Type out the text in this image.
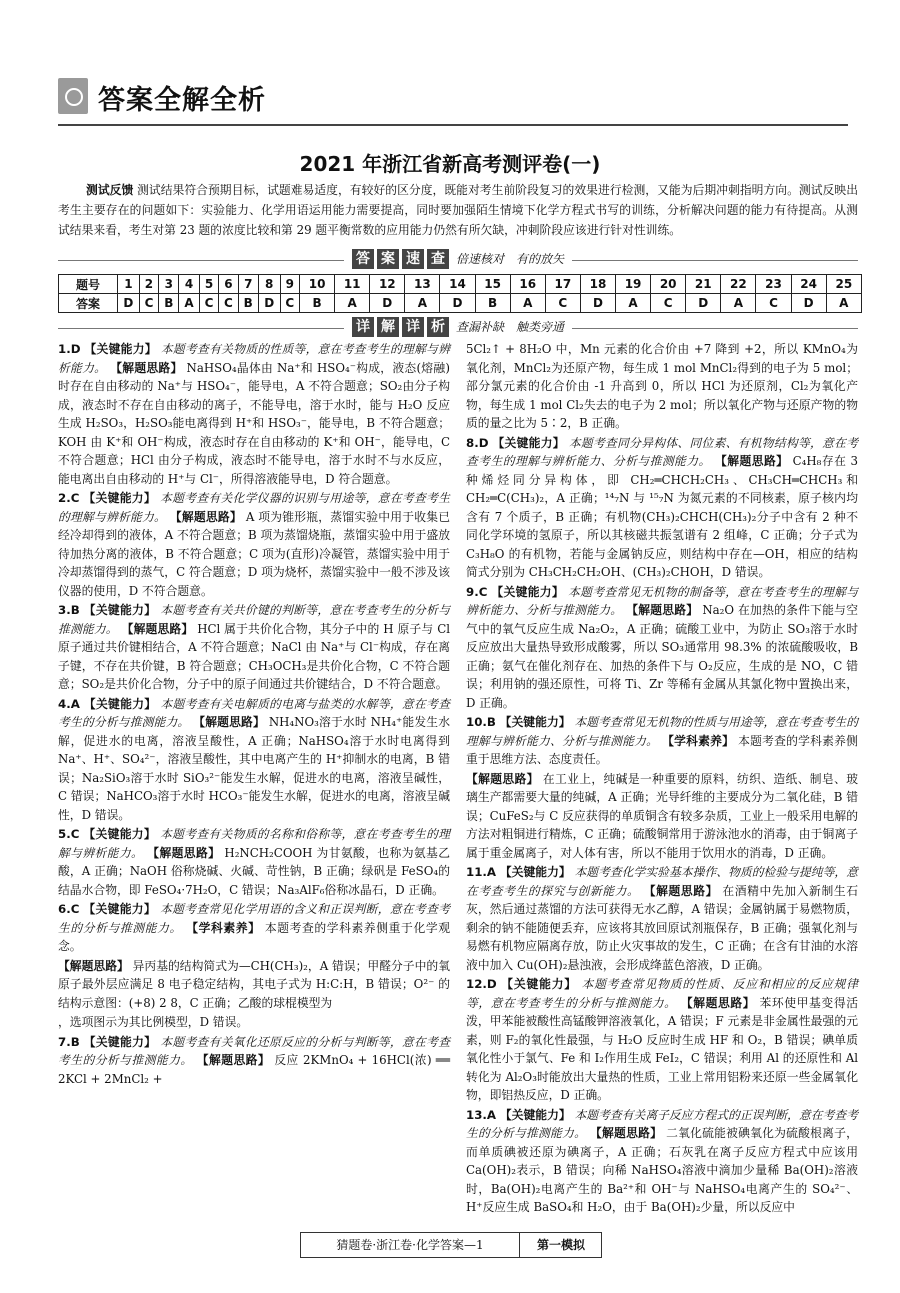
答案全解全析
2021 年浙江省新高考测评卷(一)
测试反馈 测试结果符合预期目标，试题难易适度，有较好的区分度，既能对考生前阶段复习的效果进行检测，又能为后期冲刺指明方向。测试反映出考生主要存在的问题如下：实验能力、化学用语运用能力需要提高，同时要加强陌生情境下化学方程式书写的训练，分析解决问题的能力有待提高。从测试结果来看，考生对第 23 题的浓度比较和第 29 题平衡常数的应用能力仍然有所欠缺，冲刺阶段应该进行针对性训练。
答 案 速 查 倍速核对　有的放矢
题号	1	2	3	4	5	6	7	8	9	10	11	12	13	14	15	16	17	18	19	20	21	22	23	24	25
答案	D	C	B	A	C	C	B	D	C	B	A	D	A	D	B	A	C	D	A	C	D	A	C	D	A
详 解 详 析 查漏补缺　触类旁通

1.D 【关键能力】 本题考查有关物质的性质等，意在考查考生的理解与辨析能力。 【解题思路】 NaHSO₄晶体由 Na⁺和 HSO₄⁻构成，液态(熔融)时存在自由移动的 Na⁺与 HSO₄⁻，能导电，A 不符合题意；SO₂由分子构成，液态时不存在自由移动的离子，不能导电，溶于水时，能与 H₂O 反应生成 H₂SO₃，H₂SO₃能电离得到 H⁺和 HSO₃⁻，能导电，B 不符合题意；KOH 由 K⁺和 OH⁻构成，液态时存在自由移动的 K⁺和 OH⁻，能导电，C 不符合题意；HCl 由分子构成，液态时不能导电，溶于水时不与水反应，能电离出自由移动的 H⁺与 Cl⁻，所得溶液能导电，D 符合题意。

2.C 【关键能力】 本题考查有关化学仪器的识别与用途等，意在考查考生的理解与辨析能力。 【解题思路】 A 项为锥形瓶，蒸馏实验中用于收集已经冷却得到的液体，A 不符合题意；B 项为蒸馏烧瓶，蒸馏实验中用于盛放待加热分离的液体，B 不符合题意；C 项为(直形)冷凝管，蒸馏实验中用于冷却蒸馏得到的蒸气，C 符合题意；D 项为烧杯，蒸馏实验中一般不涉及该仪器的使用，D 不符合题意。

3.B 【关键能力】 本题考查有关共价键的判断等，意在考查考生的分析与推测能力。 【解题思路】 HCl 属于共价化合物，其分子中的 H 原子与 Cl 原子通过共价键相结合，A 不符合题意；NaCl 由 Na⁺与 Cl⁻构成，存在离子键，不存在共价键，B 符合题意；CH₃OCH₃是共价化合物，C 不符合题意；SO₂是共价化合物，分子中的原子间通过共价键结合，D 不符合题意。

4.A 【关键能力】 本题考查有关电解质的电离与盐类的水解等，意在考查考生的分析与推测能力。 【解题思路】 NH₄NO₃溶于水时 NH₄⁺能发生水解，促进水的电离，溶液呈酸性，A 正确；NaHSO₄溶于水时电离得到 Na⁺、H⁺、SO₄²⁻，溶液呈酸性，其中电离产生的 H⁺抑制水的电离，B 错误；Na₂SiO₃溶于水时 SiO₃²⁻能发生水解，促进水的电离，溶液呈碱性，C 错误；NaHCO₃溶于水时 HCO₃⁻能发生水解，促进水的电离，溶液呈碱性，D 错误。

5.C 【关键能力】 本题考查有关物质的名称和俗称等，意在考查考生的理解与辨析能力。 【解题思路】 H₂NCH₂COOH 为甘氨酸，也称为氨基乙酸，A 正确；NaOH 俗称烧碱、火碱、苛性钠，B 正确；绿矾是 FeSO₄的结晶水合物，即 FeSO₄·7H₂O，C 错误；Na₃AlF₆俗称冰晶石，D 正确。

6.C 【关键能力】 本题考查常见化学用语的含义和正误判断，意在考查考生的分析与推测能力。 【学科素养】 本题考查的学科素养侧重于化学观念。

【解题思路】 异丙基的结构简式为—CH(CH₃)₂，A 错误；甲醛分子中的氧原子最外层应满足 8 电子稳定结构，其电子式为 H:C:H，B 错误；O²⁻ 的结构示意图：(+8) 2 8，C 正确；乙酸的球棍模型为

，选项图示为其比例模型，D 错误。

7.B 【关键能力】 本题考查有关氧化还原反应的分析与判断等，意在考查考生的分析与推测能力。 【解题思路】 反应 2KMnO₄ + 16HCl(浓) ══ 2KCl + 2MnCl₂ +

5Cl₂↑ + 8H₂O 中，Mn 元素的化合价由 +7 降到 +2，所以 KMnO₄为氧化剂，MnCl₂为还原产物，每生成 1 mol MnCl₂得到的电子为 5 mol；部分氯元素的化合价由 -1 升高到 0，所以 HCl 为还原剂，Cl₂为氧化产物，每生成 1 mol Cl₂失去的电子为 2 mol；所以氧化产物与还原产物的物质的量之比为 5∶2，B 正确。

8.D 【关键能力】 本题考查同分异构体、同位素、有机物结构等，意在考查考生的理解与辨析能力、分析与推测能力。 【解题思路】 C₄H₈存在 3 种烯烃同分异构体，即 CH₂═CHCH₂CH₃、CH₃CH═CHCH₃和 CH₂═C(CH₃)₂，A 正确；¹⁴₇N 与 ¹⁵₇N 为氮元素的不同核素，原子核内均含有 7 个质子，B 正确；有机物(CH₃)₂CHCH(CH₃)₂分子中含有 2 种不同化学环境的氢原子，所以其核磁共振氢谱有 2 组峰，C 正确；分子式为 C₃H₈O 的有机物，若能与金属钠反应，则结构中存在—OH，相应的结构简式分别为 CH₃CH₂CH₂OH、(CH₃)₂CHOH，D 错误。

9.C 【关键能力】 本题考查常见无机物的制备等，意在考查考生的理解与辨析能力、分析与推测能力。 【解题思路】 Na₂O 在加热的条件下能与空气中的氧气反应生成 Na₂O₂，A 正确；硫酸工业中，为防止 SO₃溶于水时反应放出大量热导致形成酸雾，所以 SO₃通常用 98.3% 的浓硫酸吸收，B 正确；氨气在催化剂存在、加热的条件下与 O₂反应，生成的是 NO，C 错误；利用钠的强还原性，可将 Ti、Zr 等稀有金属从其氯化物中置换出来，D 正确。

10.B 【关键能力】 本题考查常见无机物的性质与用途等，意在考查考生的理解与辨析能力、分析与推测能力。 【学科素养】 本题考查的学科素养侧重于思维方法、态度责任。

【解题思路】 在工业上，纯碱是一种重要的原料，纺织、造纸、制皂、玻璃生产都需要大量的纯碱，A 正确；光导纤维的主要成分为二氧化硅，B 错误；CuFeS₂与 C 反应获得的单质铜含有较多杂质，工业上一般采用电解的方法对粗铜进行精炼，C 正确；硫酸铜常用于游泳池水的消毒，由于铜离子属于重金属离子，对人体有害，所以不能用于饮用水的消毒，D 正确。

11.A 【关键能力】 本题考查化学实验基本操作、物质的检验与提纯等，意在考查考生的探究与创新能力。 【解题思路】 在酒精中先加入新制生石灰，然后通过蒸馏的方法可获得无水乙醇，A 错误；金属钠属于易燃物质，剩余的钠不能随便丢弃，应该将其放回原试剂瓶保存，B 正确；强氧化剂与易燃有机物应隔离存放，防止火灾事故的发生，C 正确；在含有甘油的水溶液中加入 Cu(OH)₂悬浊液，会形成绛蓝色溶液，D 正确。

12.D 【关键能力】 本题考查常见物质的性质、反应和相应的反应规律等，意在考查考生的分析与推测能力。 【解题思路】 苯环使甲基变得活泼，甲苯能被酸性高锰酸钾溶液氧化，A 错误；F 元素是非金属性最强的元素，则 F₂的氧化性最强，与 H₂O 反应时生成 HF 和 O₂，B 错误；碘单质氧化性小于氯气、Fe 和 I₂作用生成 FeI₂，C 错误；利用 Al 的还原性和 Al 转化为 Al₂O₃时能放出大量热的性质，工业上常用铝粉来还原一些金属氧化物，即铝热反应，D 正确。

13.A 【关键能力】 本题考查有关离子反应方程式的正误判断，意在考查考生的分析与推测能力。 【解题思路】 二氧化硫能被碘氧化为硫酸根离子，而单质碘被还原为碘离子，A 正确；石灰乳在离子反应方程式中应该用 Ca(OH)₂表示，B 错误；向稀 NaHSO₄溶液中滴加少量稀 Ba(OH)₂溶液时，Ba(OH)₂电离产生的 Ba²⁺和 OH⁻与 NaHSO₄电离产生的 SO₄²⁻、H⁺反应生成 BaSO₄和 H₂O，由于 Ba(OH)₂少量，所以反应中

猜题卷·浙江卷·化学答案—1	第一模拟
